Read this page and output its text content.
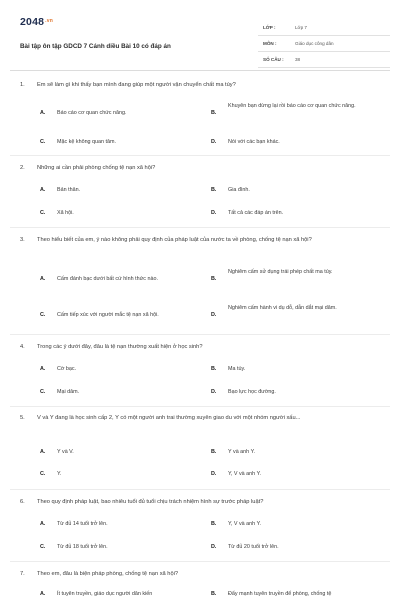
$2048^{.vn}$
Bài tập ôn tập GDCD 7 Cánh diều Bài 10 có đáp án
LỚP :	Lớp 7
MÔN :	Giáo dục công dân
SỐ CÂU : 38
1. Em sẽ làm gì khi thấy bạn mình đang giúp một người vận chuyển chất ma túy?
A. Báo cáo cơ quan chức năng.	B.
Khuyên bạn dừng lại rồi báo cáo cơ quan chức năng.
C. Mặc kệ không quan tâm.	D. Nói với các bạn khác.
2. Những ai cần phải phòng chống tệ nạn xã hội?
A. Bản thân.	B. Gia đình.
C. Xã hội.	D. Tất cả các đáp án trên.
3. Theo hiểu biết của em, ý nào không phải quy định của pháp luật của nước ta về phòng, chống tệ nạn xã hội?
A. Cấm đánh bạc dưới bất cứ hình thức nào.	B.
Nghiêm cấm sử dụng trái phép chất ma túy.
C. Cấm tiếp xúc với người mắc tệ nạn xã hội.	D.
Nghiêm cấm hành vi dụ dỗ, dẫn dắt mại dâm.
4. Trong các ý dưới đây, đâu là tệ nạn thường xuất hiện ở học sinh?
A. Cờ bạc.	B. Ma túy.
C. Mại dâm.	D. Bạo lực học đường.
5. V và Y đang là học sinh cấp 2, Y có một người anh trai thường xuyên giao du với một nhóm người xấu...
A. Y và V.	B. Y và anh Y.
C. Y.	D. Y, V và anh Y.
6. Theo quy định pháp luật, bao nhiêu tuổi đủ tuổi chịu trách nhiệm hình sự trước pháp luật?
A. Từ đủ 14 tuổi trở lên.	B. Y, V và anh Y.
C. Từ đủ 18 tuổi trở lên.	D. Từ đủ 20 tuổi trở lên.
7. Theo em, đâu là biện pháp phòng, chống tệ nạn xã hội?
A. Ít tuyên truyền, giáo dục người dân kiến	B. Đẩy mạnh tuyên truyền để phòng, chống tệ
